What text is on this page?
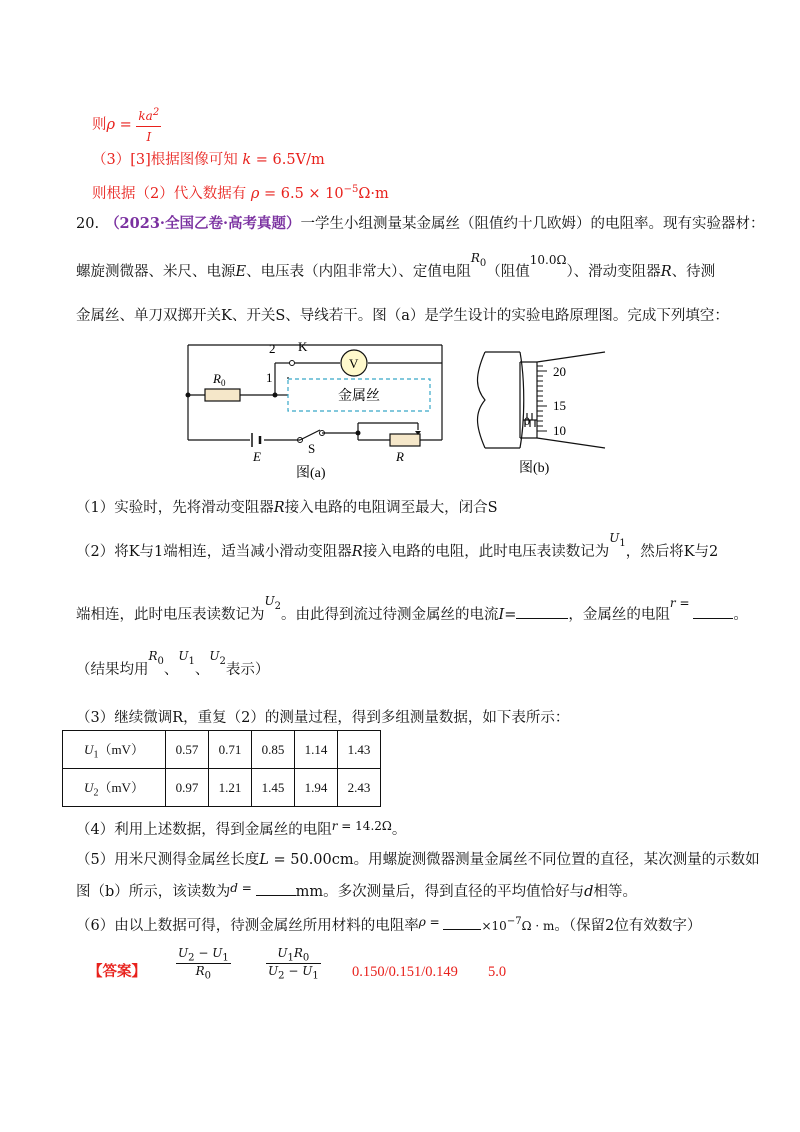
则$\rho = \frac{ka^2}{I}$
（3）[3]根据图像可知 k = 6.5V/m
则根据（2）代入数据有 $\rho = 6.5 \times 10^{-5}\Omega\cdot m$
20. （2023·全国乙卷·高考真题）一学生小组测量某金属丝（阻值约十几欧姆）的电阻率。现有实验器材：
螺旋测微器、米尺、电源E、电压表（内阻非常大）、定值电阻$^R$0（阻值$^{10.0\Omega}$）、滑动变阻器R、待测
金属丝、单刀双掷开关K、开关S、导线若干。图（a）是学生设计的实验电路原理图。完成下列填空：
2
1
K
V
$R_0$
金属丝
E
S
R
图(a)
20
15
10
0
图(b)
（1）实验时，先将滑动变阻器R接入电路的电阻调至最大，闭合S
（2）将K与1端相连，适当减小滑动变阻器R接入电路的电阻，此时电压表读数记为$^U$1，然后将K与2
端相连，此时电压表读数记为$^U$2。由此得到流过待测金属丝的电流I=	，金属丝的电阻$^r$ = 。
（结果均用$^R$0、$^U$1、$^U$2表示）
（3）继续微调R，重复（2）的测量过程，得到多组测量数据，如下表所示：
$U_1(mV)$	0.57	0.71	0.85	1.14	1.43
$U_2(mV)$	0.97	1.21	1.45	1.94	2.43
（4）利用上述数据，得到金属丝的电阻$^r$ $^{= 14.2\Omega}$。
（5）用米尺测得金属丝长度L = 50.00cm。用螺旋测微器测量金属丝不同位置的直径，某次测量的示数如
图（b）所示，该读数为$^d$ =	mm。多次测量后，得到直径的平均值恰好与d相等。
（6）由以上数据可得，待测金属丝所用材料的电阻率$^\rho$ =	$\times 10^{-7}\Omega \cdot m$。（保留2位有效数字）
【答案】	$\frac{U_2 - U_1}{R_0}$	$\frac{U_1R_0}{U_2 - U_1} 0.150/0.151/0.149$ 5.0
